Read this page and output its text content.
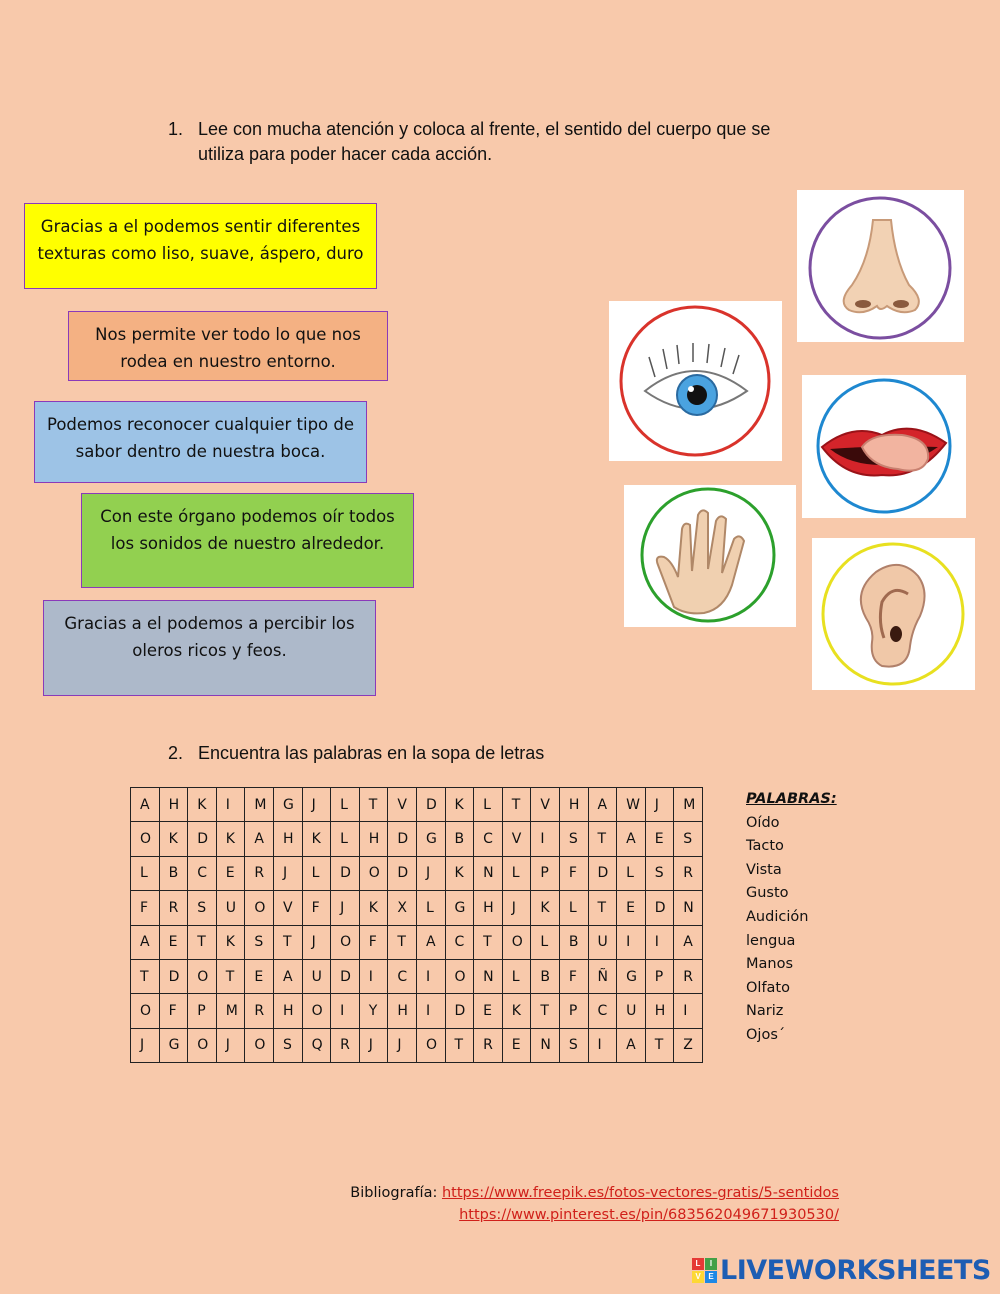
1. Lee con mucha atención y coloca al frente, el sentido del cuerpo que se
utiliza para poder hacer cada acción.
Gracias a el podemos sentir diferentes texturas como liso, suave, áspero, duro
Nos permite ver todo lo que nos rodea en nuestro entorno.
Podemos reconocer cualquier tipo de sabor dentro de nuestra boca.
Con este órgano podemos oír todos los sonidos de nuestro alrededor.
Gracias a el podemos a percibir los oleros ricos y feos.
2. Encuentra las palabras en la sopa de letras
A	H	K	I	M	G	J	L	T	V	D	K	L	T	V	H	A	W	J	M
O	K	D	K	A	H	K	L	H	D	G	B	C	V	I	S	T	A	E	S
L	B	C	E	R	J	L	D	O	D	J	K	N	L	P	F	D	L	S	R
F	R	S	U	O	V	F	J	K	X	L	G	H	J	K	L	T	E	D	N
A	E	T	K	S	T	J	O	F	T	A	C	T	O	L	B	U	I	I	A
T	D	O	T	E	A	U	D	I	C	I	O	N	L	B	F	Ñ	G	P	R
O	F	P	M	R	H	O	I	Y	H	I	D	E	K	T	P	C	U	H	I
J	G	O	J	O	S	Q	R	J	J	O	T	R	E	N	S	I	A	T	Z
PALABRAS:
Oído
Tacto
Vista
Gusto
Audición
lengua
Manos
Olfato
Nariz
Ojos´
Bibliografía: https://www.freepik.es/fotos-vectores-gratis/5-sentidos
https://www.pinterest.es/pin/683562049671930530/
L	I
V E LIVEWORKSHEETS
